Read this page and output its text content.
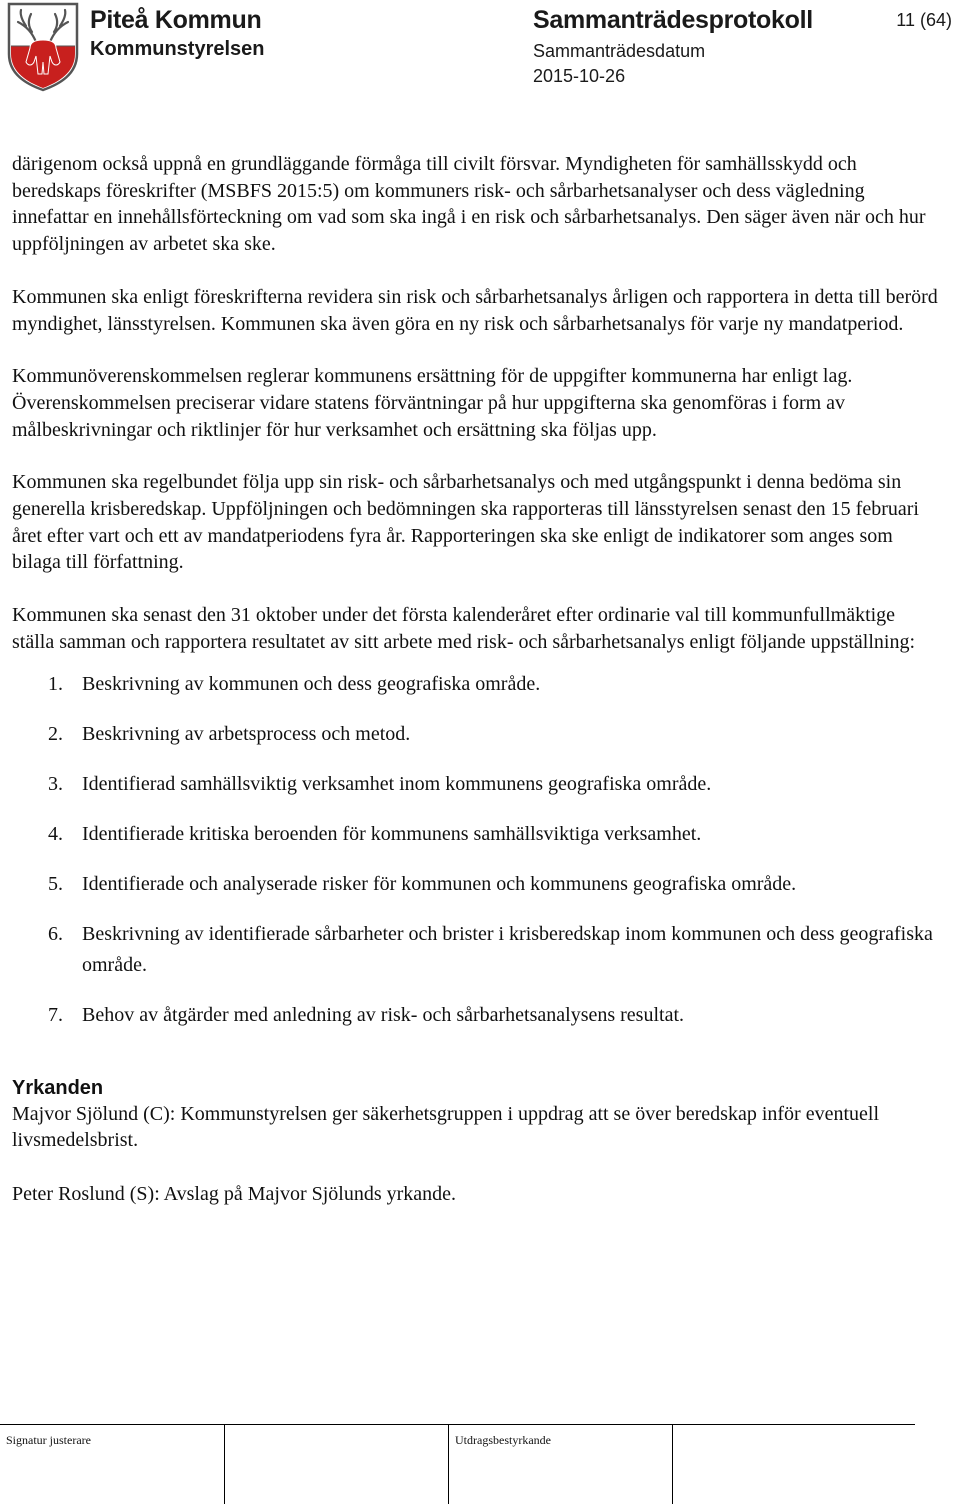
Piteå Kommun
Kommunstyrelsen
Sammanträdesprotokoll
Sammanträdesdatum
2015-10-26
11 (64)

därigenom också uppnå en grundläggande förmåga till civilt försvar. Myndigheten för samhällsskydd och beredskaps föreskrifter (MSBFS 2015:5) om kommuners risk- och sårbarhetsanalyser och dess vägledning innefattar en innehållsförteckning om vad som ska ingå i en risk och sårbarhetsanalys. Den säger även när och hur uppföljningen av arbetet ska ske.

Kommunen ska enligt föreskrifterna revidera sin risk och sårbarhetsanalys årligen och rapportera in detta till berörd myndighet, länsstyrelsen. Kommunen ska även göra en ny risk och sårbarhetsanalys för varje ny mandatperiod.

Kommunöverenskommelsen reglerar kommunens ersättning för de uppgifter kommunerna har enligt lag. Överenskommelsen preciserar vidare statens förväntningar på hur uppgifterna ska genomföras i form av målbeskrivningar och riktlinjer för hur verksamhet och ersättning ska följas upp.

Kommunen ska regelbundet följa upp sin risk- och sårbarhetsanalys och med utgångspunkt i denna bedöma sin generella krisberedskap. Uppföljningen och bedömningen ska rapporteras till länsstyrelsen senast den 15 februari året efter vart och ett av mandatperiodens fyra år. Rapporteringen ska ske enligt de indikatorer som anges som bilaga till författning.

Kommunen ska senast den 31 oktober under det första kalenderåret efter ordinarie val till kommunfullmäktige ställa samman och rapportera resultatet av sitt arbete med risk- och sårbarhetsanalys enligt följande uppställning:

1. Beskrivning av kommunen och dess geografiska område.
2. Beskrivning av arbetsprocess och metod.
3. Identifierad samhällsviktig verksamhet inom kommunens geografiska område.
4. Identifierade kritiska beroenden för kommunens samhällsviktiga verksamhet.
5. Identifierade och analyserade risker för kommunen och kommunens geografiska område.
6. Beskrivning av identifierade sårbarheter och brister i krisberedskap inom kommunen och dess geografiska område.
7. Behov av åtgärder med anledning av risk- och sårbarhetsanalysens resultat.
Yrkanden

Majvor Sjölund (C): Kommunstyrelsen ger säkerhetsgruppen i uppdrag att se över beredskap inför eventuell livsmedelsbrist.

Peter Roslund (S): Avslag på Majvor Sjölunds yrkande.

Signatur justerare	Utdragsbestyrkande
